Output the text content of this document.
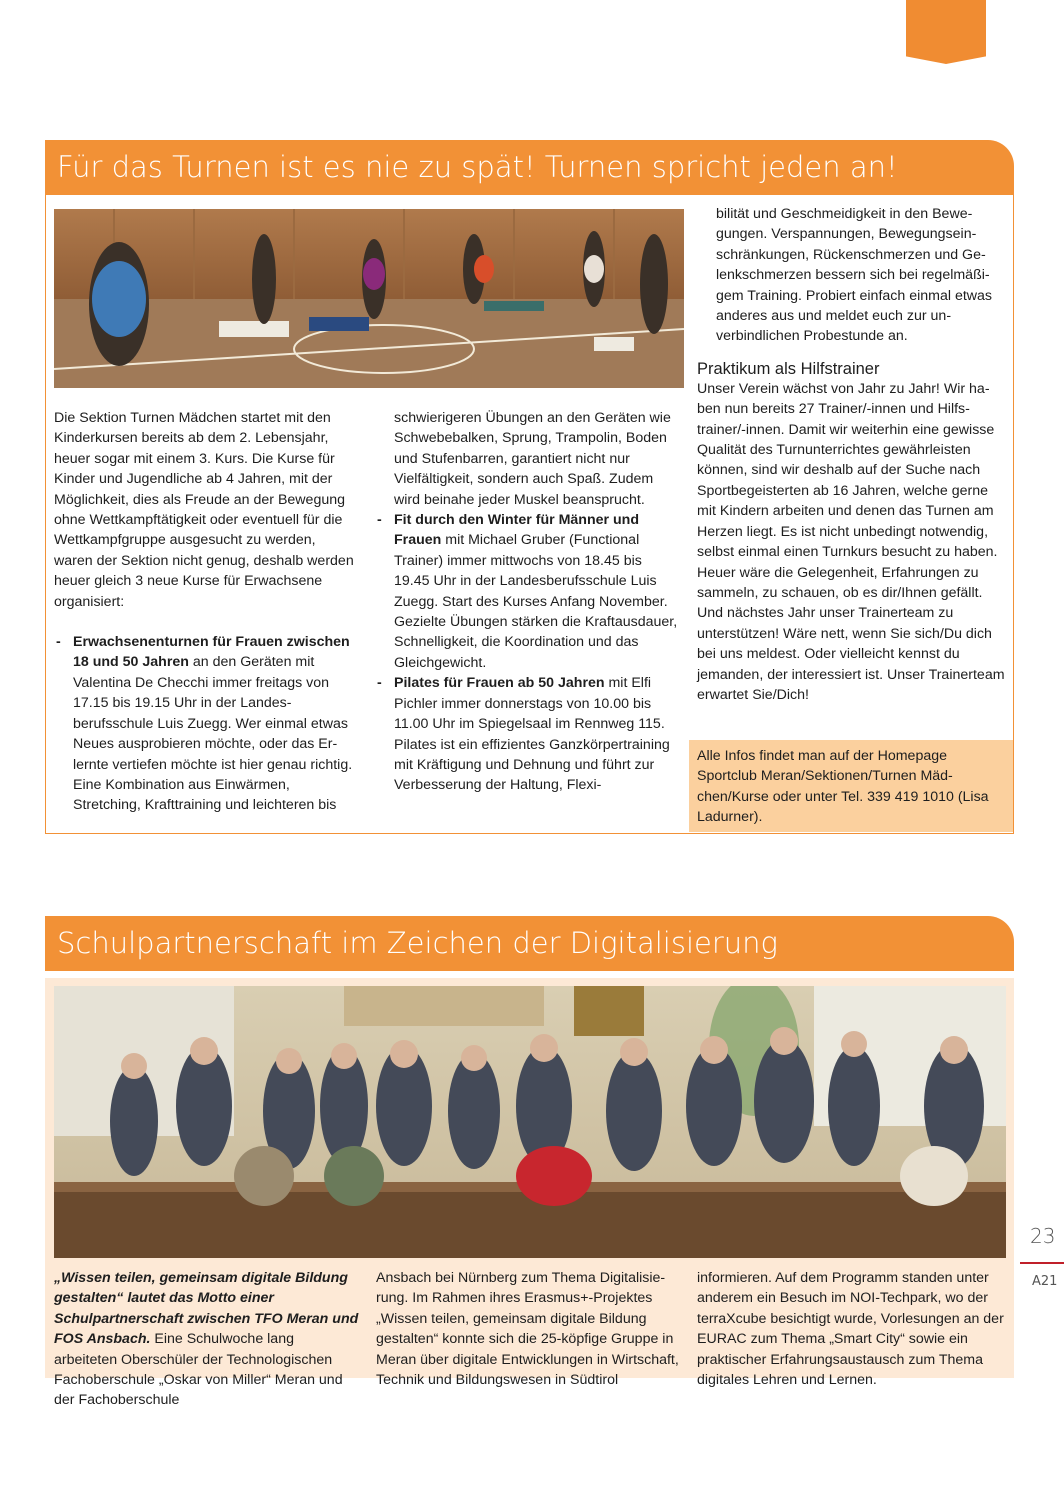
Für das Turnen ist es nie zu spät! Turnen spricht jeden an!

Die Sektion Turnen Mädchen startet mit den Kinderkursen bereits ab dem 2. Lebensjahr, heuer sogar mit einem 3. Kurs. Die Kurse für Kinder und Jugendliche ab 4 Jahren, mit der Möglichkeit, dies als Freude an der Bewegung ohne Wettkampftätigkeit oder eventuell für die Wettkampfgruppe ausgesucht zu werden, waren der Sektion nicht genug, deshalb werden heuer gleich 3 neue Kurse für Erwachsene organisiert:

- Erwachsenenturnen für Frauen zwischen 18 und 50 Jahren an den Geräten mit Valentina De Checchi immer freitags von 17.15 bis 19.15 Uhr in der Landesberufsschule Luis Zuegg. Wer einmal etwas Neues ausprobieren möchte, oder das Erlernte vertiefen möchte ist hier genau richtig. Eine Kombination aus Einwärmen, Stretching, Krafttraining und leichteren bis

schwierigeren Übungen an den Geräten wie Schwebebalken, Sprung, Trampolin, Boden und Stufenbarren, garantiert nicht nur Vielfältigkeit, sondern auch Spaß. Zudem wird beinahe jeder Muskel beansprucht.

- Fit durch den Winter für Männer und Frauen mit Michael Gruber (Functional Trainer) immer mittwochs von 18.45 bis 19.45 Uhr in der Landesberufsschule Luis Zuegg. Start des Kurses Anfang November. Gezielte Übungen stärken die Kraftausdauer, Schnelligkeit, die Koordination und das Gleichgewicht.

- Pilates für Frauen ab 50 Jahren mit Elfi Pichler immer donnerstags von 10.00 bis 11.00 Uhr im Spiegelsaal im Rennweg 115. Pilates ist ein effizientes Ganzkörpertraining mit Kräftigung und Dehnung und führt zur Verbesserung der Haltung, Flexi-

bilität und Geschmeidigkeit in den Bewegungen. Verspannungen, Bewegungseinschränkungen, Rückenschmerzen und Gelenkschmerzen bessern sich bei regelmäßigem Training. Probiert einfach einmal etwas anderes aus und meldet euch zur unverbindlichen Probestunde an.

Praktikum als Hilfstrainer

Unser Verein wächst von Jahr zu Jahr! Wir haben nun bereits 27 Trainer/-innen und Hilfstrainer/-innen. Damit wir weiterhin eine gewisse Qualität des Turnunterrichtes gewährleisten können, sind wir deshalb auf der Suche nach Sportbegeisterten ab 16 Jahren, welche gerne mit Kindern arbeiten und denen das Turnen am Herzen liegt. Es ist nicht unbedingt notwendig, selbst einmal einen Turnkurs besucht zu haben. Heuer wäre die Gelegenheit, Erfahrungen zu sammeln, zu schauen, ob es dir/Ihnen gefällt. Und nächstes Jahr unser Trainerteam zu unterstützen! Wäre nett, wenn Sie sich/Du dich bei uns meldest. Oder vielleicht kennst du jemanden, der interessiert ist. Unser Trainerteam erwartet Sie/Dich!

Alle Infos findet man auf der Homepage Sportclub Meran/Sektionen/Turnen Mädchen/Kurse oder unter Tel. 339 419 1010 (Lisa Ladurner).
Schulpartnerschaft im Zeichen der Digitalisierung

„Wissen teilen, gemeinsam digitale Bildung gestalten“ lautet das Motto einer Schulpartnerschaft zwischen TFO Meran und FOS Ansbach. Eine Schulwoche lang arbeiteten Oberschüler der Technologischen Fachoberschule „Oskar von Miller“ Meran und der Fachoberschule

Ansbach bei Nürnberg zum Thema Digitalisierung. Im Rahmen ihres Erasmus+-Projektes „Wissen teilen, gemeinsam digitale Bildung gestalten“ konnte sich die 25-köpfige Gruppe in Meran über digitale Entwicklungen in Wirtschaft, Technik und Bildungswesen in Südtirol

informieren. Auf dem Programm standen unter anderem ein Besuch im NOI-Techpark, wo der terraXcube besichtigt wurde, Vorlesungen an der EURAC zum Thema „Smart City“ sowie ein praktischer Erfahrungsaustausch zum Thema digitales Lehren und Lernen.

23
A21
